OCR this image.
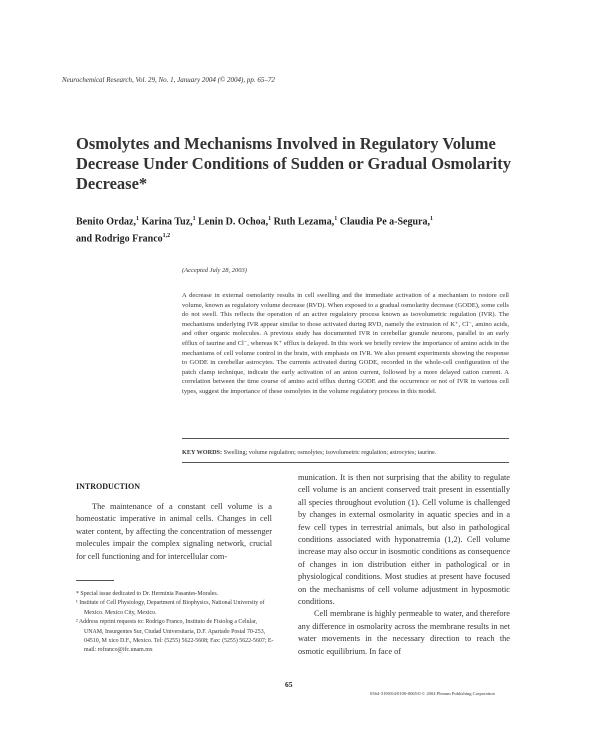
Neurochemical Research, Vol. 29, No. 1, January 2004 (© 2004), pp. 65–72
Osmolytes and Mechanisms Involved in Regulatory Volume Decrease Under Conditions of Sudden or Gradual Osmolarity Decrease*
Benito Ordaz,$^1$ Karina Tuz,$^1$ Lenin D. Ochoa,$^1$ Ruth Lezama,$^1$ Claudia Pe a-Segura,$^1$
and Rodrigo Franco$^{1,2}$
(Accepted July 28, 2003)
A decrease in external osmolarity results in cell swelling and the immediate activation of a mechanism to restore cell volume, known as regulatory volume decrease (RVD). When exposed to a gradual osmolarity decrease (GODE), some cells do not swell. This reflects the operation of an active regulatory process known as isovolumetric regulation (IVR). The mechanisms underlying IVR appear similar to those activated during RVD, namely the extrusion of K⁺, Cl⁻, amino acids, and other organic molecules. A previous study has documented IVR in cerebellar granule neurons, parallel to an early efflux of taurine and Cl⁻, whereas K⁺ efflux is delayed. In this work we briefly review the importance of amino acids in the mechanisms of cell volume control in the brain, with emphasis on IVR. We also present experiments showing the response to GODE in cerebellar astrocytes. The currents activated during GODE, recorded in the whole-cell configuration of the patch clamp technique, indicate the early activation of an anion current, followed by a more delayed cation current. A correlation between the time course of amino acid efflux during GODE and the occurrence or not of IVR in various cell types, suggest the importance of these osmolytes in the volume regulatory process in this model.
KEY WORDS: Swelling; volume regulation; osmolytes; isovolumetric regulation; astrocytes; taurine.
INTRODUCTION

The maintenance of a constant cell volume is a homeostatic imperative in animal cells. Changes in cell water content, by affecting the concentration of messenger molecules impair the complex signaling network, crucial for cell functioning and for intercellular com-

munication. It is then not surprising that the ability to regulate cell volume is an ancient conserved trait present in essentially all species throughout evolution (1). Cell volume is challenged by changes in external osmolarity in aquatic species and in a few cell types in terrestrial animals, but also in pathological conditions associated with hyponatremia (1,2). Cell volume increase may also occur in isosmotic conditions as consequence of changes in ion distribution either in pathological or in physiological conditions. Most studies at present have focused on the mechanisms of cell volume adjustment in hyposmotic conditions.

Cell membrane is highly permeable to water, and therefore any difference in osmolarity across the membrane results in net water movements in the necessary direction to reach the osmotic equilibrium. In face of

* Special issue dedicated to Dr. Herminia Pasantes-Morales.

¹ Institute of Cell Physiology, Department of Biophysics, National University of Mexico. Mexico City, Mexico.

² Address reprint requests to: Rodrigo Franco, Instituto de Fisiolog a Celular, UNAM, Insurgentes Sur, Ciudad Universitaria, D.F. Apartado Postal 70-253, 04510, M xico D.F., Mexico. Tel: (5255) 5622-5608; Fax: (5255) 5622-5607; E-mail: rofranco@ifc.unam.mx

65
0364-3190/04/0100-0065/0 © 2004 Plenum Publishing Corporation
